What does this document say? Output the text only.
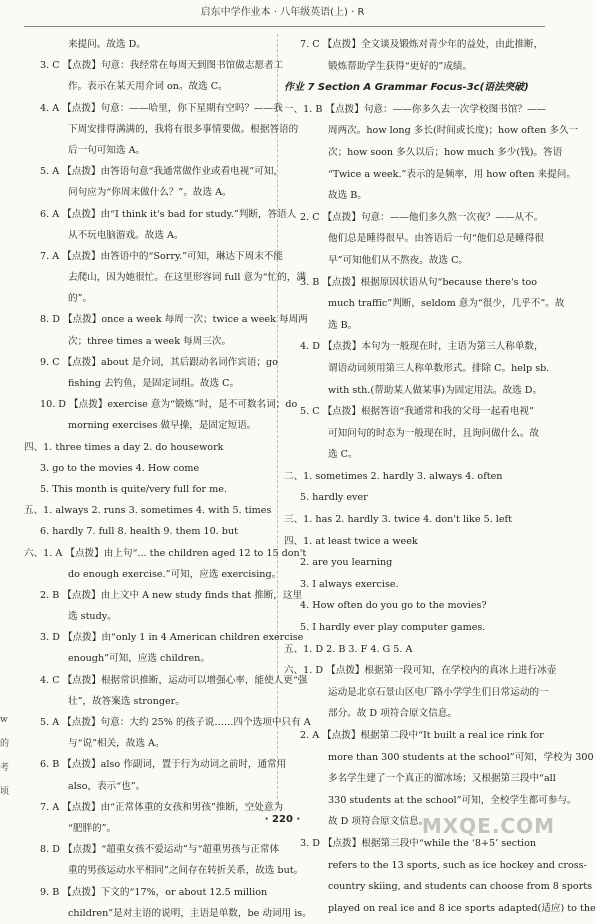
启东中学作业本 · 八年级英语(上) · R
来提问。故选 D。
3. C 【点拨】句意：我经常在每周天到图书馆做志愿者工
作。表示在某天用介词 on。故选 C。
4. A 【点拨】句意：——哈里，你下星期有空吗？——我
下周安排得满满的，我将有很多事情要做。根据答语的
后一句可知选 A。
5. A 【点拨】由答语句意“我通常做作业或看电视”可知，
问句应为“你周末做什么？”。故选 A。
6. A 【点拨】由“I think it's bad for study.”判断，答语人
从不玩电脑游戏。故选 A。
7. A 【点拨】由答语中的“Sorry.”可知，琳达下周末不能
去爬山，因为她很忙。在这里形容词 full 意为“忙的，满
的”。
8. D 【点拨】once a week 每周一次；twice a week 每周两
次；three times a week 每周三次。
9. C 【点拨】about 是介词，其后跟动名词作宾语；go
fishing 去钓鱼，是固定词组。故选 C。
10. D 【点拨】exercise 意为“锻炼”时，是不可数名词；do
morning exercises 做早操，是固定短语。
四、1. three times a day 2. do housework
3. go to the movies 4. How come
5. This month is quite/very full for me.
五、1. always 2. runs 3. sometimes 4. with 5. times
6. hardly 7. full 8. health 9. them 10. but
六、1. A 【点拨】由上句“... the children aged 12 to 15 don't
do enough exercise.”可知，应选 exercising。
2. B 【点拨】由上文中 A new study finds that 推断，这里
选 study。
3. D 【点拨】由“only 1 in 4 American children exercise
enough”可知，应选 children。
4. C 【点拨】根据常识推断，运动可以增强心率，能使人更“强
壮”，故答案选 stronger。
5. A 【点拨】句意：大约 25% 的孩子说……四个选项中只有 A
与“说”相关，故选 A。
6. B 【点拨】also 作副词，置于行为动词之前时，通常用
also，表示“也”。
7. A 【点拨】由“正常体重的女孩和男孩”推断，空处意为
“肥胖的”。
8. D 【点拨】“超重女孩不爱运动”与“超重男孩与正常体
重的男孩运动水平相同”之间存在转折关系，故选 but。
9. B 【点拨】下文的“17%，or about 12.5 million
children”是对主语的说明，主语是单数，be 动词用 is。
7. C 【点拨】全文谈及锻炼对青少年的益处，由此推断，
锻炼帮助学生获得“更好的”成绩。
作业 7 Section A Grammar Focus-3c(语法突破)
一、1. B 【点拨】句意：——你多久去一次学校图书馆？——
周两次。how long 多长(时间或长度)；how often 多久一
次；how soon 多久以后；how much 多少(钱)。答语
“Twice a week.”表示的是频率，用 how often 来提问。
故选 B。
2. C 【点拨】句意：——他们多久熬一次夜？——从不。
他们总是睡得很早。由答语后一句“他们总是睡得很
早”可知他们从不熬夜。故选 C。
3. B 【点拨】根据原因状语从句“because there's too
much traffic”判断，seldom 意为“很少，几乎不”。故
选 B。
4. D 【点拨】本句为一般现在时，主语为第三人称单数，
谓语动词须用第三人称单数形式。排除 C。help sb.
with sth.(帮助某人做某事)为固定用法。故选 D。
5. C 【点拨】根据答语“我通常和我的父母一起看电视”
可知问句的时态为一般现在时，且询问做什么。故
选 C。
二、1. sometimes 2. hardly 3. always 4. often
5. hardly ever
三、1. has 2. hardly 3. twice 4. don't like 5. left
四、1. at least twice a week
2. are you learning
3. I always exercise.
4. How often do you go to the movies?
5. I hardly ever play computer games.
五、1. D 2. B 3. F 4. G 5. A
六、1. D 【点拨】根据第一段可知，在学校内的真冰上进行冰壶
运动是北京石景山区电厂路小学学生们日常运动的一
部分。故 D 项符合原文信息。
2. A 【点拨】根据第二段中“It built a real ice rink for
more than 300 students at the school”可知，学校为 300
多名学生建了一个真正的溜冰场；又根据第三段中“all
330 students at the school”可知，全校学生都可参与。
故 D 项符合原文信息。
3. D 【点拨】根据第三段中“while the ‘8+5’ section
refers to the 13 sports, such as ice hockey and cross-
country skiing, and students can choose from 8 sports
played on real ice and 8 ice sports adapted(适应) to the
w
的
考
顷
· 220 ·	MXQE.COM
